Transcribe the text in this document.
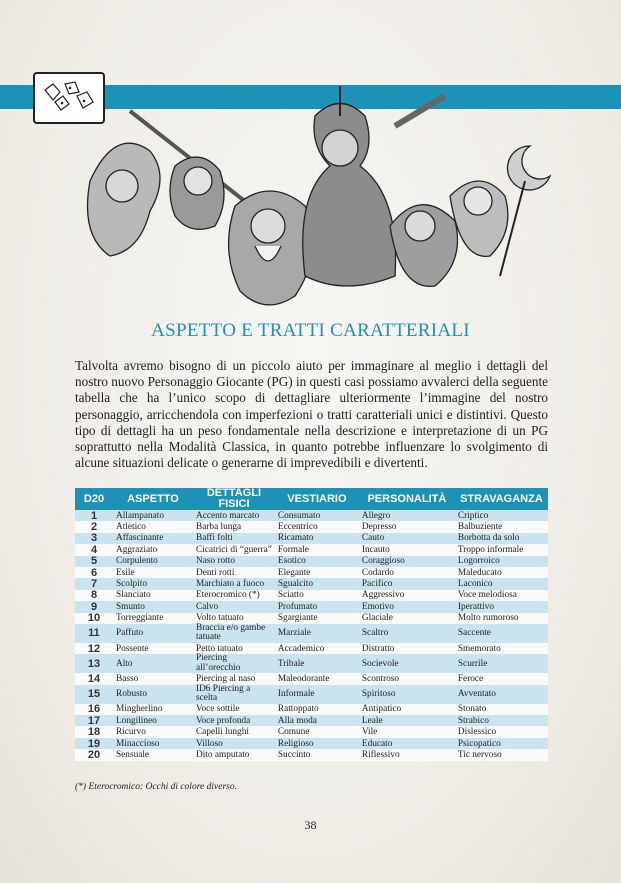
ASPETTO E TRATTI CARATTERIALI
Talvolta avremo bisogno di un piccolo aiuto per immaginare al meglio i dettagli del nostro nuovo Personaggio Giocante (PG) in questi casi possiamo avvalerci della seguente tabella che ha l’unico scopo di dettagliare ulteriormente l’immagine del nostro personaggio, arricchendola con imperfezioni o tratti caratteriali unici e distintivi. Questo tipo di dettagli ha un peso fondamentale nella descrizione e interpretazione di un PG soprattutto nella Modalità Classica, in quanto potrebbe influenzare lo svolgimento di alcune situazioni delicate o generarne di imprevedibili e divertenti.
D20	ASPETTO	DETTAGLI FISICI	VESTIARIO	PERSONALITÀ	STRAVAGANZA
1	Allampanato	Accento marcato	Consumato	Allegro	Criptico
2	Atletico	Barba lunga	Eccentrico	Depresso	Balbuziente
3	Affascinante	Baffi folti	Ricamato	Cauto	Borbotta da solo
4	Aggraziato	Cicatrici di “guerra”	Formale	Incauto	Troppo informale
5	Corpulento	Naso rotto	Esotico	Coraggioso	Logorroico
6	Esile	Denti rotti	Elegante	Codardo	Maleducato
7	Scolpito	Marchiato a fuoco	Sgualcito	Pacifico	Laconico
8	Slanciato	Eterocromico (*)	Sciatto	Aggressivo	Voce melodiosa
9	Smunto	Calvo	Profumato	Emotivo	Iperattivo
10	Torreggiante	Volto tatuato	Sgargiante	Glaciale	Molto rumoroso
11	Paffuto	Braccia e/o gambe tatuate	Marziale	Scaltro	Saccente
12	Possente	Petto tatuato	Accademico	Distratto	Smemorato
13	Alto	Piercing all’orecchio	Tribale	Socievole	Scurrile
14	Basso	Piercing al naso	Maleodorante	Scontroso	Feroce
15	Robusto	ID6 Piercing a scelta	Informale	Spiritoso	Avventato
16	Mingherlino	Voce sottile	Rattoppato	Antipatico	Stonato
17	Longilineo	Voce profonda	Alla moda	Leale	Strabico
18	Ricurvo	Capelli lunghi	Comune	Vile	Dislessico
19	Minaccioso	Villoso	Religioso	Educato	Psicopatico
20	Sensuale	Dito amputato	Succinto	Riflessivo	Tic nervoso
(*) Eterocromico: Occhi di colore diverso.
38
